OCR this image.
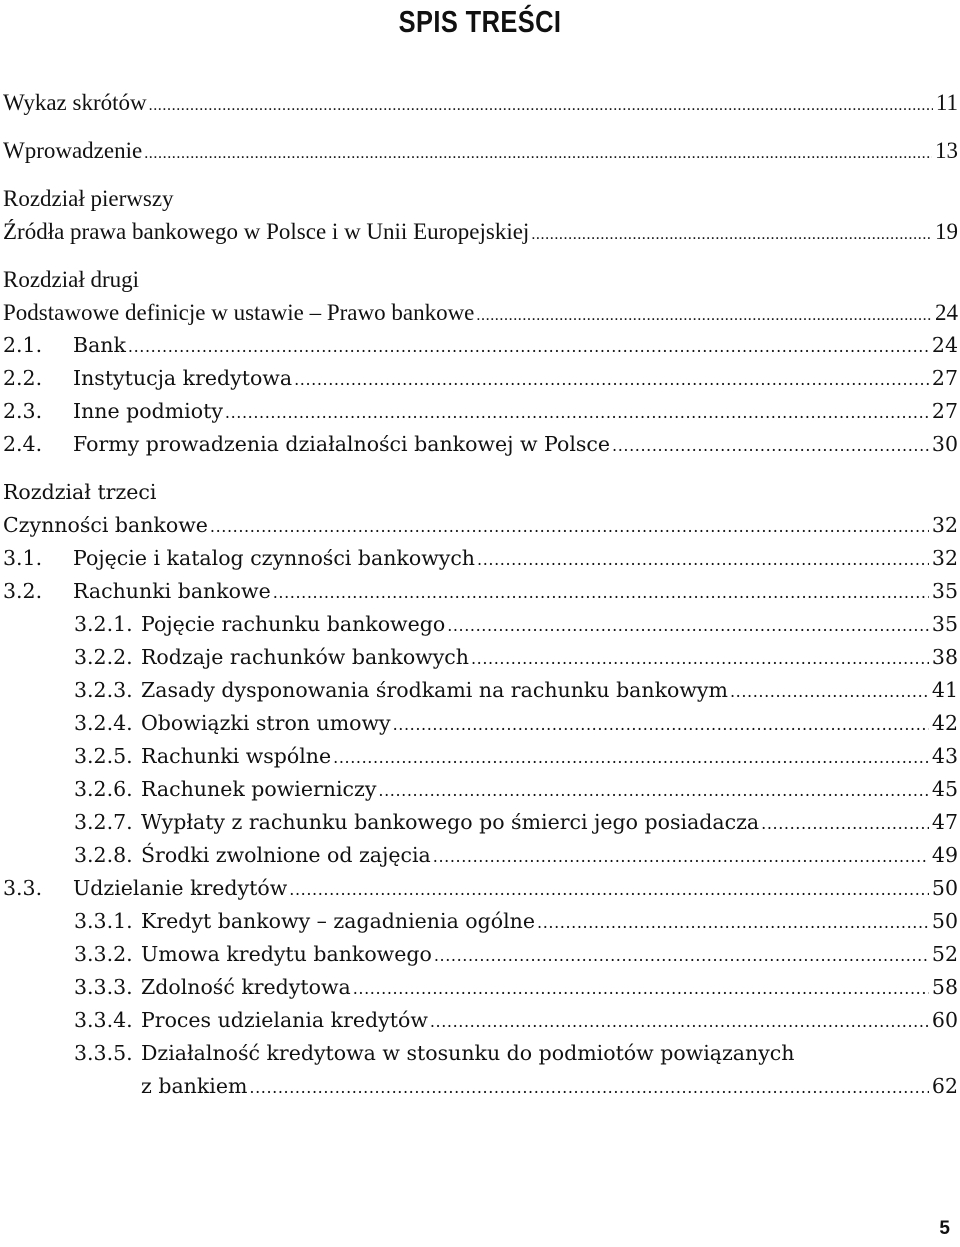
SPIS TREŚCI
Wykaz skrótów .....	11
Wprowadzenie .....	13
Rozdział pierwszy
Źródła prawa bankowego w Polsce i w Unii Europejskiej .....	19
Rozdział drugi
Podstawowe definicje w ustawie – Prawo bankowe .....	24
2.1. Bank .....	24
2.2. Instytucja kredytowa .....	27
2.3. Inne podmioty .....	27
2.4. Formy prowadzenia działalności bankowej w Polsce .....	30
Rozdział trzeci
Czynności bankowe .....	32
3.1. Pojęcie i katalog czynności bankowych .....	32
3.2. Rachunki bankowe .....	35
3.2.1. Pojęcie rachunku bankowego .....	35
3.2.2. Rodzaje rachunków bankowych .....	38
3.2.3. Zasady dysponowania środkami na rachunku bankowym .....	41
3.2.4. Obowiązki stron umowy .....	42
3.2.5. Rachunki wspólne .....	43
3.2.6. Rachunek powierniczy .....	45
3.2.7. Wypłaty z rachunku bankowego po śmierci jego posiadacza .....	47
3.2.8. Środki zwolnione od zajęcia .....	49
3.3. Udzielanie kredytów .....	50
3.3.1. Kredyt bankowy – zagadnienia ogólne .....	50
3.3.2. Umowa kredytu bankowego .....	52
3.3.3. Zdolność kredytowa .....	58
3.3.4. Proces udzielania kredytów .....	60
3.3.5. Działalność kredytowa w stosunku do podmiotów powiązanych
z bankiem .....	62
5
